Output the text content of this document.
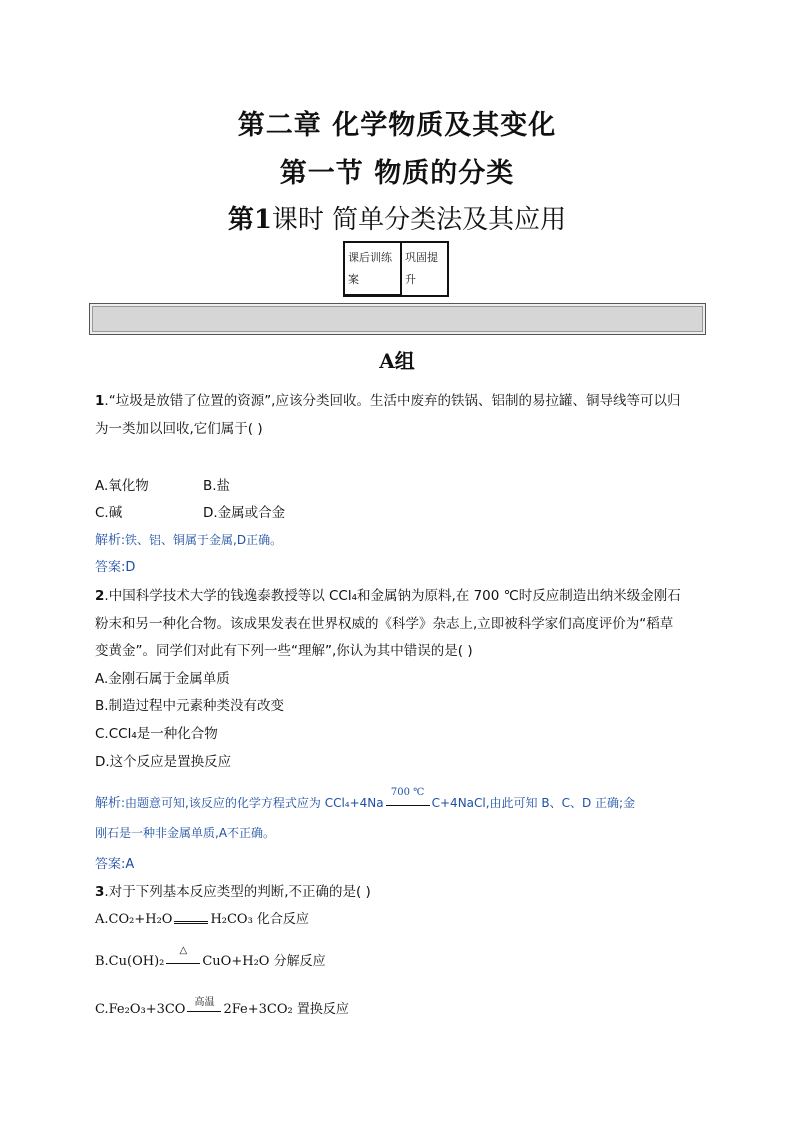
第二章 化学物质及其变化
第一节 物质的分类
第1课时 简单分类法及其应用
课后训练案
巩固提升
A组
1.“垃圾是放错了位置的资源”,应该分类回收。生活中废弃的铁锅、铝制的易拉罐、铜导线等可以归
为一类加以回收,它们属于( )
A.氧化物	B.盐
C.碱	D.金属或合金
解析:铁、铝、铜属于金属,D正确。
答案:D
2.中国科学技术大学的钱逸泰教授等以 CCl₄和金属钠为原料,在 700 ℃时反应制造出纳米级金刚石
粉末和另一种化合物。该成果发表在世界权威的《科学》杂志上,立即被科学家们高度评价为“稻草
变黄金”。同学们对此有下列一些“理解”,你认为其中错误的是( )
A.金刚石属于金属单质
B.制造过程中元素种类没有改变
C.CCl₄是一种化合物
D.这个反应是置换反应
解析:由题意可知,该反应的化学方程式应为 CCl₄+4Na
700 ℃
C+4NaCl,由此可知 B、C、D 正确;金
刚石是一种非金属单质,A不正确。
答案:A
3.对于下列基本反应类型的判断,不正确的是( )
A.CO₂+H₂O	H₂CO₃ 化合反应
B.Cu(OH)₂
△
CuO+H₂O 分解反应
C.Fe₂O₃+3CO 高温 2Fe+3CO₂ 置换反应
